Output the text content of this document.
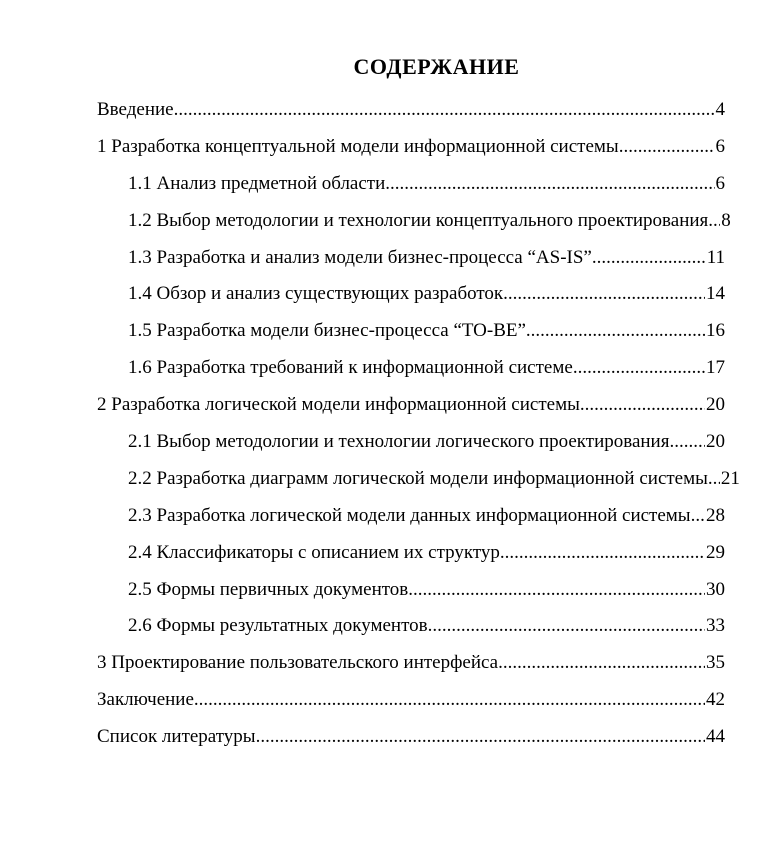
СОДЕРЖАНИЕ
Введение .....	4
1 Разработка концептуальной модели информационной системы .....	6
1.1 Анализ предметной области .....	6
1.2 Выбор методологии и технологии концептуального проектирования ..... 8
1.3 Разработка и анализ модели бизнес-процесса “AS-IS” .....	11
1.4 Обзор и анализ существующих разработок .....	14
1.5 Разработка модели бизнес-процесса “TO-BE” .....	16
1.6 Разработка требований к информационной системе .....	17
2 Разработка логической модели информационной системы .....	20
2.1 Выбор методологии и технологии логического проектирования ..... 20
2.2 Разработка диаграмм логической модели информационной системы ..... 21
2.3 Разработка логической модели данных информационной системы ..... 28
2.4 Классификаторы с описанием их структур .....	29
2.5 Формы первичных документов .....	30
2.6 Формы результатных документов .....	33
3 Проектирование пользовательского интерфейса .....	35
Заключение .....	42
Список литературы .....	44
